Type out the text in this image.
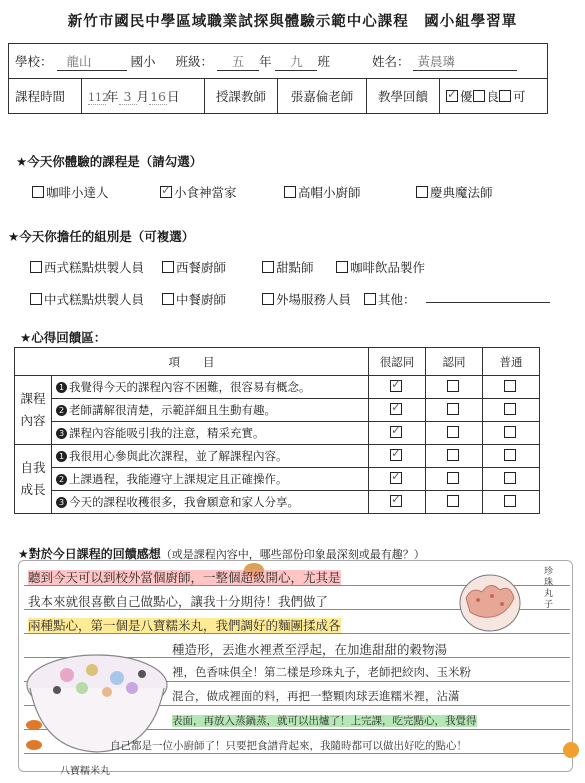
新竹市國民中學區域職業試探與體驗示範中心課程　國小組學習單
學校： 龍山	國小 班級： 五 年 九 班	姓名： 黃晨璘
課程時間	112年 3 月16日	授課教師	張嘉倫老師	教學回饋	✓優 良 可
★今天你體驗的課程是（請勾選）
咖啡小達人 ✓	小食神當家	高帽小廚師	慶典魔法師
★今天你擔任的組別是（可複選）
西式糕點烘製人員	西餐廚師	甜點師	咖啡飲品製作
中式糕點烘製人員	中餐廚師	外場服務人員	其他：
★心得回饋區：
項　　目		很認同	認同	普通
課程內容	1 我覺得今天的課程內容不困難，很容易有概念。	✓		
	2 老師講解很清楚，示範詳細且生動有趣。	✓		
	3 課程內容能吸引我的注意，精采充實。	✓		
自我成長	1 我很用心參與此次課程，並了解課程內容。	✓		
	2 上課過程，我能遵守上課規定且正確操作。	✓		
	3 今天的課程收穫很多，我會願意和家人分享。	✓		
★對於今日課程的回饋感想（或是課程內容中，哪些部份印象最深刻或最有趣？）
八寶糯米丸
珍珠丸子
聽到今天可以到校外當個廚師，一整個超級開心，尤其是
我本來就很喜歡自己做點心，讓我十分期待！我們做了
兩種點心，第一個是八寶糯米丸，我們調好的麵團揉成各
種造形，丟進水裡煮至浮起，在加進甜甜的穀物湯
裡，色香味俱全！第二樣是珍珠丸子，老師把絞肉、玉米粉
混合，做成裡面的料，再把一整顆肉球丟進糯米裡，沾滿
表面，再放入蒸鍋蒸，就可以出爐了！上完課，吃完點心，我覺得
自己都是一位小廚師了！只要把食譜背起來，我隨時都可以做出好吃的點心！
